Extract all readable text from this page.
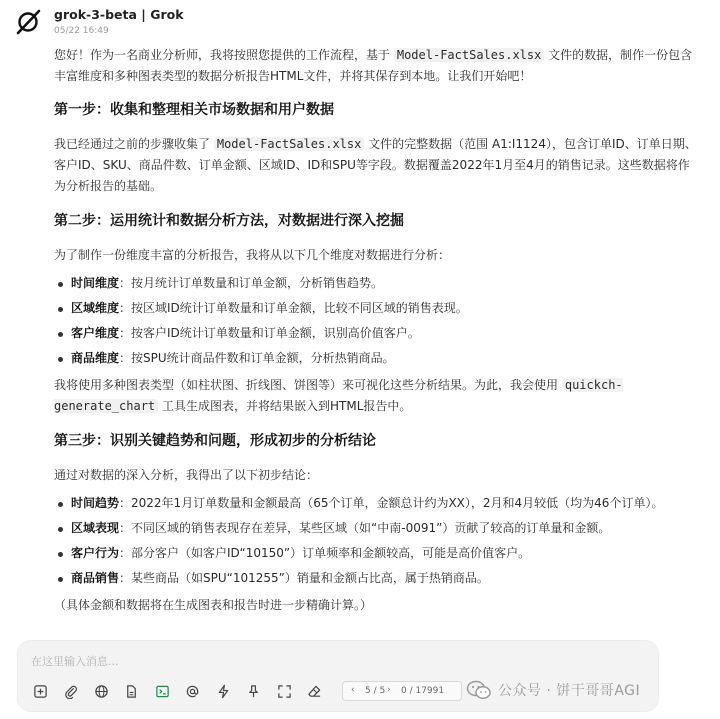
grok-3-beta | Grok
05/22 16:49

您好！作为一名商业分析师，我将按照您提供的工作流程，基于 Model-FactSales.xlsx 文件的数据，制作一份包含丰富维度和多种图表类型的数据分析报告HTML文件，并将其保存到本地。让我们开始吧！

第一步：收集和整理相关市场数据和用户数据

我已经通过之前的步骤收集了 Model-FactSales.xlsx 文件的完整数据（范围 A1:I1124），包含订单ID、订单日期、客户ID、SKU、商品件数、订单金额、区域ID、ID和SPU等字段。数据覆盖2022年1月至4月的销售记录。这些数据将作为分析报告的基础。

第二步：运用统计和数据分析方法，对数据进行深入挖掘

为了制作一份维度丰富的分析报告，我将从以下几个维度对数据进行分析：

时间维度：按月统计订单数量和订单金额，分析销售趋势。
区域维度：按区域ID统计订单数量和订单金额，比较不同区域的销售表现。
客户维度：按客户ID统计订单数量和订单金额，识别高价值客户。
商品维度：按SPU统计商品件数和订单金额，分析热销商品。

我将使用多种图表类型（如柱状图、折线图、饼图等）来可视化这些分析结果。为此，我会使用 quickch-generate_chart 工具生成图表，并将结果嵌入到HTML报告中。

第三步：识别关键趋势和问题，形成初步的分析结论

通过对数据的深入分析，我得出了以下初步结论：

时间趋势：2022年1月订单数量和金额最高（65个订单，金额总计约为XX），2月和4月较低（均为46个订单）。
区域表现：不同区域的销售表现存在差异，某些区域（如“中南-0091”）贡献了较高的订单量和金额。
客户行为：部分客户（如客户ID“10150”）订单频率和金额较高，可能是高价值客户。
商品销售：某些商品（如SPU“101255”）销量和金额占比高，属于热销商品。

（具体金额和数据将在生成图表和报告时进一步精确计算。）

在这里输入消息...
‹ 5 / 5 › 0 / 17991	公众号 · 饼干哥哥AGI
